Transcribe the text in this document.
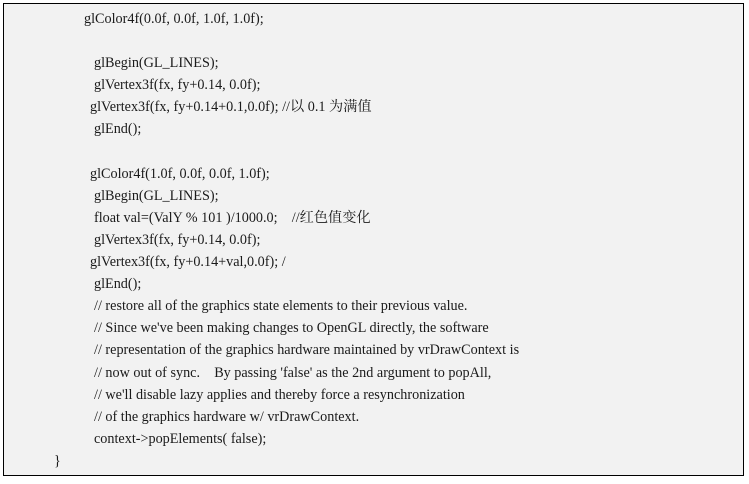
glColor4f(0.0f, 0.0f, 1.0f, 1.0f);
glBegin(GL_LINES);
glVertex3f(fx, fy+0.14, 0.0f);
glVertex3f(fx, fy+0.14+0.1,0.0f); //以 0.1 为满值
glEnd();
glColor4f(1.0f, 0.0f, 0.0f, 1.0f);
glBegin(GL_LINES);
float val=(ValY % 101 )/1000.0;    //红色值变化
glVertex3f(fx, fy+0.14, 0.0f);
glVertex3f(fx, fy+0.14+val,0.0f); /
glEnd();
// restore all of the graphics state elements to their previous value.
// Since we've been making changes to OpenGL directly, the software
// representation of the graphics hardware maintained by vrDrawContext is
// now out of sync.    By passing 'false' as the 2nd argument to popAll,
// we'll disable lazy applies and thereby force a resynchronization
// of the graphics hardware w/ vrDrawContext.
context->popElements( false);
}
